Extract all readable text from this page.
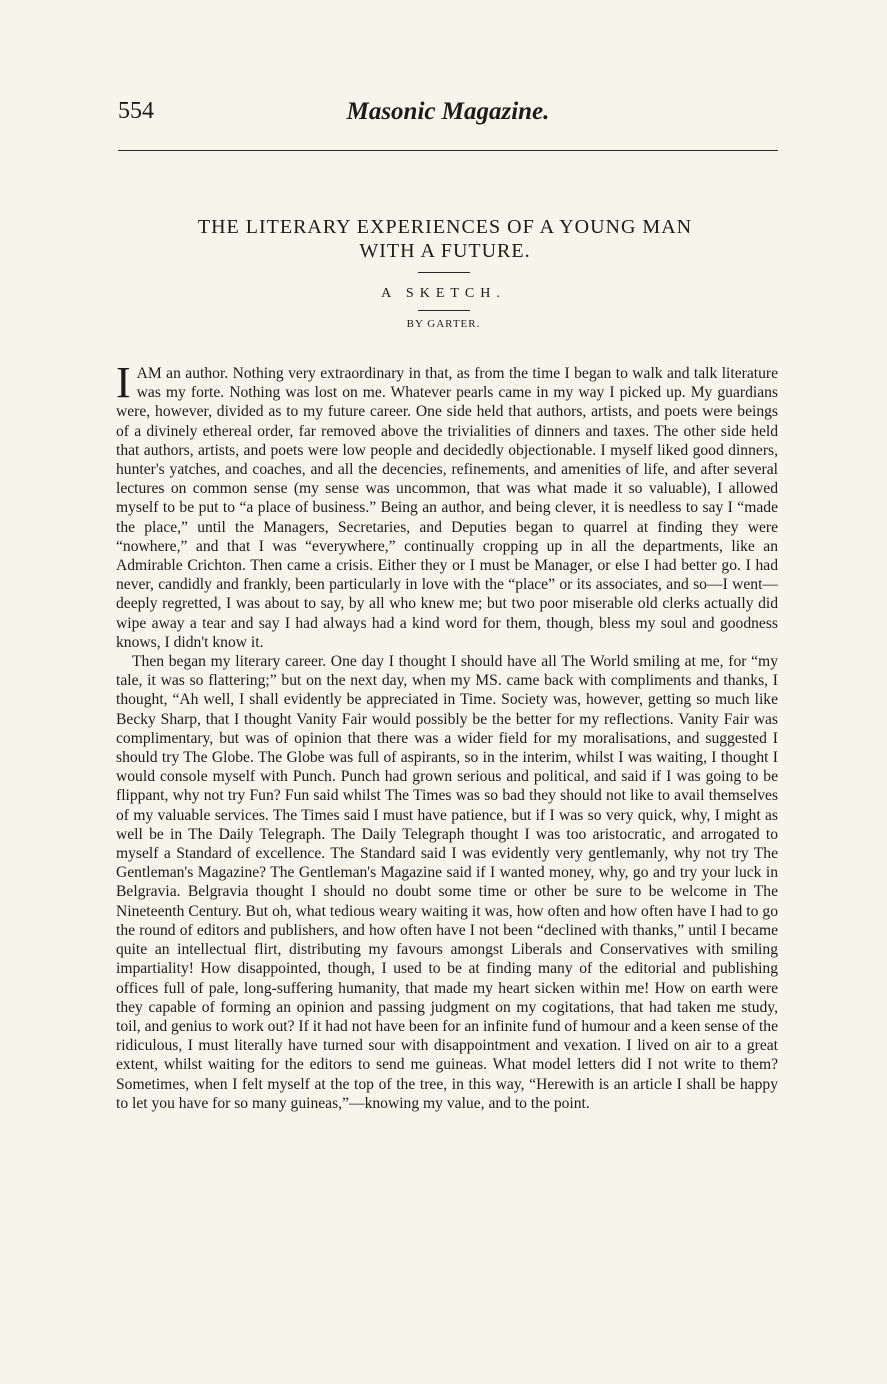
554	Masonic Magazine.
THE LITERARY EXPERIENCES OF A YOUNG MAN
WITH A FUTURE.
A SKETCH.
BY GARTER.

IAM an author. Nothing very extraordinary in that, as from the time I began to walk and talk literature was my forte. Nothing was lost on me. Whatever pearls came in my way I picked up. My guardians were, however, divided as to my future career. One side held that authors, artists, and poets were beings of a divinely ethereal order, far removed above the trivialities of dinners and taxes. The other side held that authors, artists, and poets were low people and decidedly objectionable. I myself liked good dinners, hunter's yatches, and coaches, and all the decencies, refinements, and amenities of life, and after several lectures on common sense (my sense was uncommon, that was what made it so valuable), I allowed myself to be put to “a place of business.” Being an author, and being clever, it is needless to say I “made the place,” until the Managers, Secretaries, and Deputies began to quarrel at finding they were “nowhere,” and that I was “everywhere,” continually cropping up in all the departments, like an Admirable Crichton. Then came a crisis. Either they or I must be Manager, or else I had better go. I had never, candidly and frankly, been particularly in love with the “place” or its associates, and so—I went—deeply regretted, I was about to say, by all who knew me; but two poor miserable old clerks actually did wipe away a tear and say I had always had a kind word for them, though, bless my soul and goodness knows, I didn't know it.

Then began my literary career. One day I thought I should have all The World smiling at me, for “my tale, it was so flattering;” but on the next day, when my MS. came back with compliments and thanks, I thought, “Ah well, I shall evidently be appreciated in Time. Society was, however, getting so much like Becky Sharp, that I thought Vanity Fair would possibly be the better for my reflections. Vanity Fair was complimentary, but was of opinion that there was a wider field for my moralisations, and suggested I should try The Globe. The Globe was full of aspirants, so in the interim, whilst I was waiting, I thought I would console myself with Punch. Punch had grown serious and political, and said if I was going to be flippant, why not try Fun? Fun said whilst The Times was so bad they should not like to avail themselves of my valuable services. The Times said I must have patience, but if I was so very quick, why, I might as well be in The Daily Telegraph. The Daily Telegraph thought I was too aristocratic, and arrogated to myself a Standard of excellence. The Standard said I was evidently very gentlemanly, why not try The Gentleman's Magazine? The Gentleman's Magazine said if I wanted money, why, go and try your luck in Belgravia. Belgravia thought I should no doubt some time or other be sure to be welcome in The Nineteenth Century. But oh, what tedious weary waiting it was, how often and how often have I had to go the round of editors and publishers, and how often have I not been “declined with thanks,” until I became quite an intellectual flirt, distributing my favours amongst Liberals and Conservatives with smiling impartiality! How disappointed, though, I used to be at finding many of the editorial and publishing offices full of pale, long-suffering humanity, that made my heart sicken within me! How on earth were they capable of forming an opinion and passing judgment on my cogitations, that had taken me study, toil, and genius to work out? If it had not have been for an infinite fund of humour and a keen sense of the ridiculous, I must literally have turned sour with disappointment and vexation. I lived on air to a great extent, whilst waiting for the editors to send me guineas. What model letters did I not write to them? Sometimes, when I felt myself at the top of the tree, in this way, “Herewith is an article I shall be happy to let you have for so many guineas,”—knowing my value, and to the point.
